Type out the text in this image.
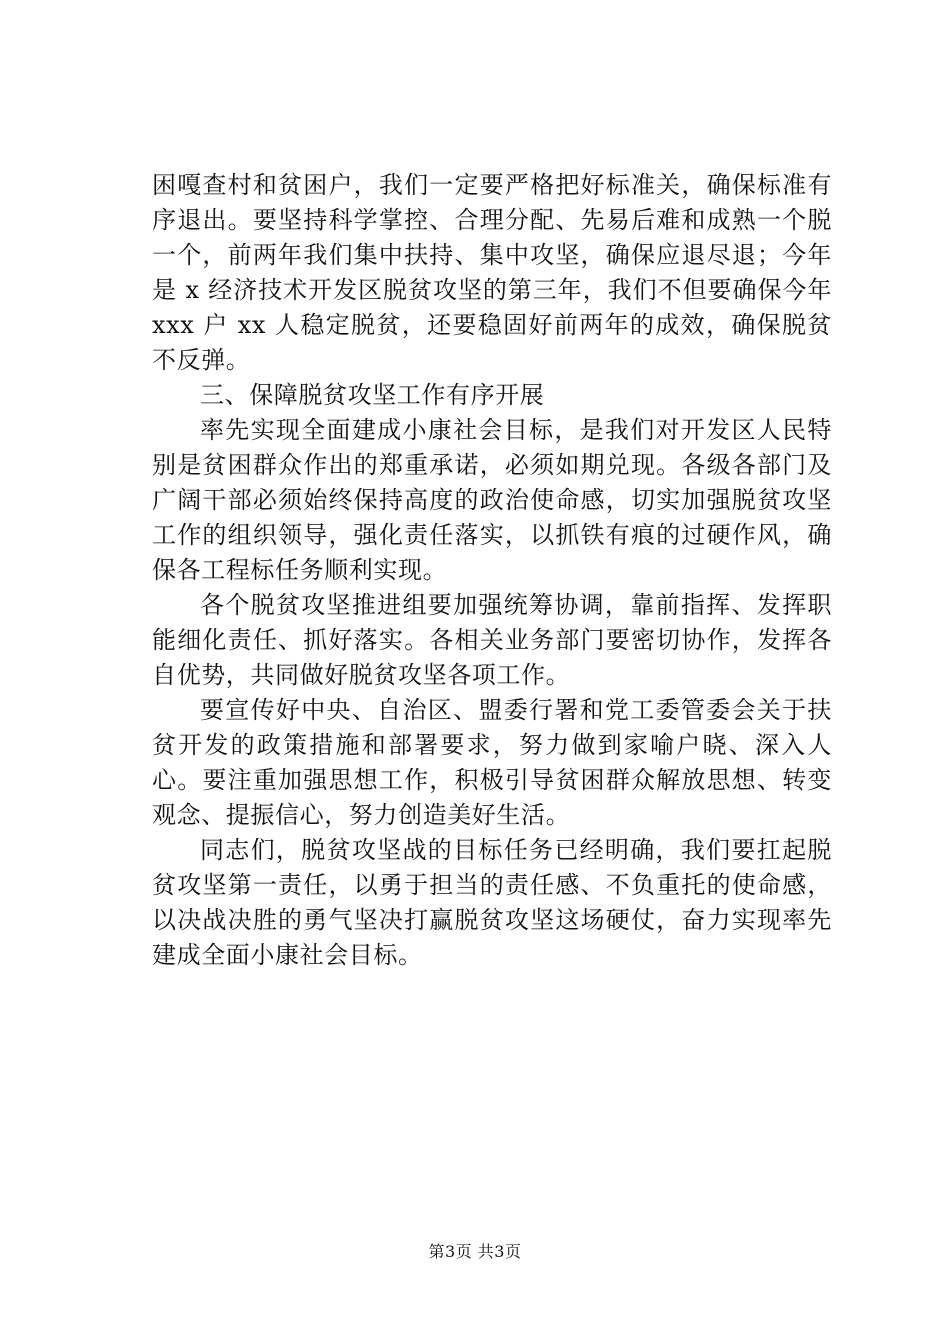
困嘎查村和贫困户，我们一定要严格把好标准关，确保标准有序退出。要坚持科学掌控、合理分配、先易后难和成熟一个脱一个，前两年我们集中扶持、集中攻坚，确保应退尽退；今年是 x 经济技术开发区脱贫攻坚的第三年，我们不但要确保今年 xxx 户 xx 人稳定脱贫，还要稳固好前两年的成效，确保脱贫不反弹。

三、保障脱贫攻坚工作有序开展

率先实现全面建成小康社会目标，是我们对开发区人民特别是贫困群众作出的郑重承诺，必须如期兑现。各级各部门及广阔干部必须始终保持高度的政治使命感，切实加强脱贫攻坚工作的组织领导，强化责任落实，以抓铁有痕的过硬作风，确保各工程标任务顺利实现。

各个脱贫攻坚推进组要加强统筹协调，靠前指挥、发挥职能细化责任、抓好落实。各相关业务部门要密切协作，发挥各自优势，共同做好脱贫攻坚各项工作。

要宣传好中央、自治区、盟委行署和党工委管委会关于扶贫开发的政策措施和部署要求，努力做到家喻户晓、深入人心。要注重加强思想工作，积极引导贫困群众解放思想、转变观念、提振信心，努力创造美好生活。

同志们，脱贫攻坚战的目标任务已经明确，我们要扛起脱贫攻坚第一责任，以勇于担当的责任感、不负重托的使命感，以决战决胜的勇气坚决打赢脱贫攻坚这场硬仗，奋力实现率先建成全面小康社会目标。

第3页 共3页
